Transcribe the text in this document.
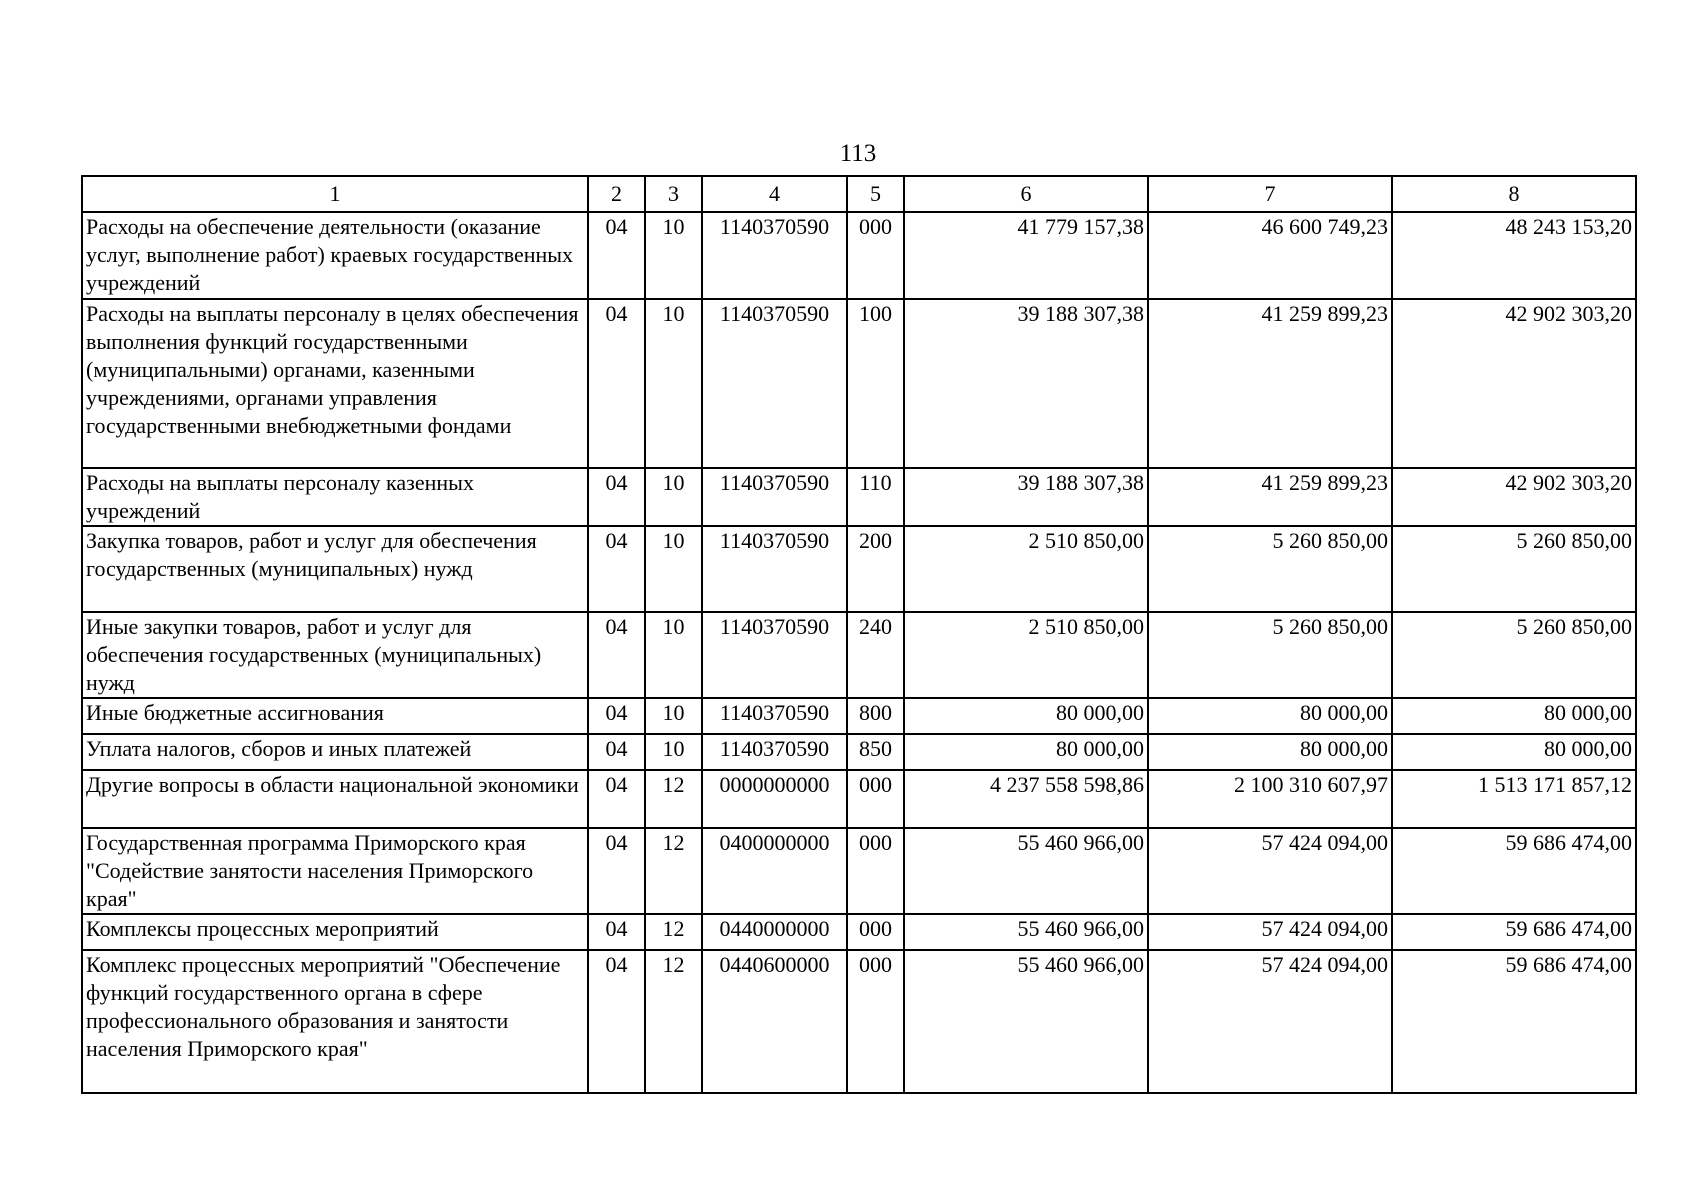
113
1	2	3	4	5	6	7	8
Расходы на обеспечение деятельности (оказание услуг, выполнение работ) краевых государственных учреждений	04	10	1140370590	000	41 779 157,38	46 600 749,23	48 243 153,20
Расходы на выплаты персоналу в целях обеспечения выполнения функций государственными (муниципальными) органами, казенными учреждениями, органами управления государственными внебюджетными фондами	04	10	1140370590	100	39 188 307,38	41 259 899,23	42 902 303,20
Расходы на выплаты персоналу казенных учреждений	04	10	1140370590	110	39 188 307,38	41 259 899,23	42 902 303,20
Закупка товаров, работ и услуг для обеспечения государственных (муниципальных) нужд	04	10	1140370590	200	2 510 850,00	5 260 850,00	5 260 850,00
Иные закупки товаров, работ и услуг для обеспечения государственных (муниципальных) нужд	04	10	1140370590	240	2 510 850,00	5 260 850,00	5 260 850,00
Иные бюджетные ассигнования	04	10	1140370590	800	80 000,00	80 000,00	80 000,00
Уплата налогов, сборов и иных платежей	04	10	1140370590	850	80 000,00	80 000,00	80 000,00
Другие вопросы в области национальной экономики	04	12	0000000000	000	4 237 558 598,86	2 100 310 607,97	1 513 171 857,12
Государственная программа Приморского края "Содействие занятости населения Приморского края"	04	12	0400000000	000	55 460 966,00	57 424 094,00	59 686 474,00
Комплексы процессных мероприятий	04	12	0440000000	000	55 460 966,00	57 424 094,00	59 686 474,00
Комплекс процессных мероприятий "Обеспечение функций государственного органа в сфере профессионального образования и занятости населения Приморского края"	04	12	0440600000	000	55 460 966,00	57 424 094,00	59 686 474,00
